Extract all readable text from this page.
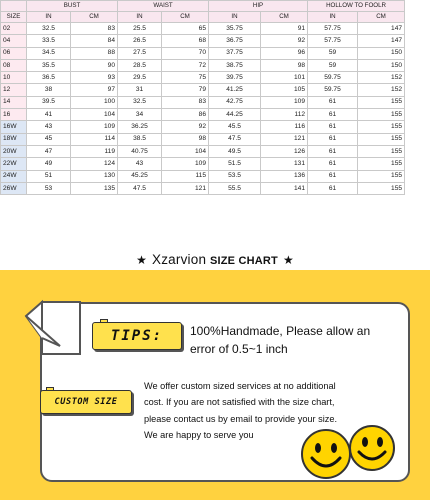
	BUST		WAIST		HIP		HOLLOW TO FOOLR	
SIZE	IN	CM	IN	CM	IN	CM	IN	CM
02	32.5	83	25.5	65	35.75	91	57.75	147
04	33.5	84	26.5	68	36.75	92	57.75	147
06	34.5	88	27.5	70	37.75	96	59	150
08	35.5	90	28.5	72	38.75	98	59	150
10	36.5	93	29.5	75	39.75	101	59.75	152
12	38	97	31	79	41.25	105	59.75	152
14	39.5	100	32.5	83	42.75	109	61	155
16	41	104	34	86	44.25	112	61	155
16W	43	109	36.25	92	45.5	116	61	155
18W	45	114	38.5	98	47.5	121	61	155
20W	47	119	40.75	104	49.5	126	61	155
22W	49	124	43	109	51.5	131	61	155
24W	51	130	45.25	115	53.5	136	61	155
26W	53	135	47.5	121	55.5	141	61	155
★ Xzarvion SIZE CHART ★
TIPS:	100%Handmade, Please allow an
error of 0.5~1 inch
CUSTOM SIZE
We offer custom sized services at no additional
cost. If you are not satisfied with the size chart,
please contact us by email to provide your size.
We are happy to serve you
